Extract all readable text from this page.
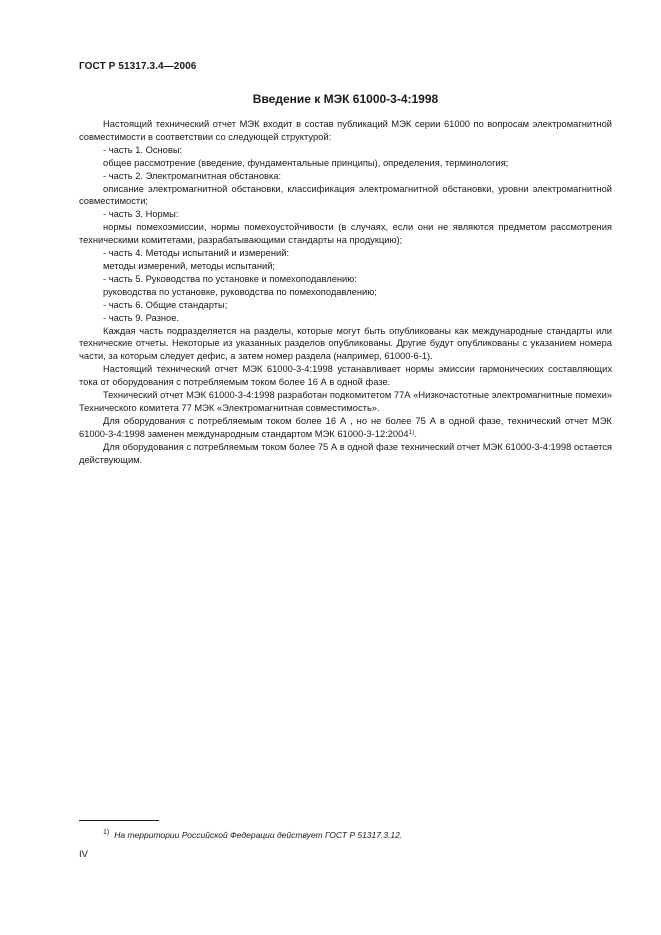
ГОСТ Р 51317.3.4—2006
Введение к МЭК 61000-3-4:1998

Настоящий технический отчет МЭК входит в состав публикаций МЭК серии 61000 по вопросам электромагнитной совместимости в соответствии со следующей структурой:

- часть 1. Основы:

общее рассмотрение (введение, фундаментальные принципы), определения, терминология;

- часть 2. Электромагнитная обстановка:

описание электромагнитной обстановки, классификация электромагнитной обстановки, уровни электромагнитной совместимости;

- часть 3. Нормы:

нормы помехоэмиссии, нормы помехоустойчивости (в случаях, если они не являются предметом рассмотрения техническими комитетами, разрабатывающими стандарты на продукцию);

- часть 4. Методы испытаний и измерений:

методы измерений, методы испытаний;

- часть 5. Руководства по установке и помехоподавлению:

руководства по установке, руководства по помехоподавлению;

- часть 6. Общие стандарты;

- часть 9. Разное.

Каждая часть подразделяется на разделы, которые могут быть опубликованы как международные стандарты или технические отчеты. Некоторые из указанных разделов опубликованы. Другие будут опубликованы с указанием номера части, за которым следует дефис, а затем номер раздела (например, 61000-6-1).

Настоящий технический отчет МЭК 61000-3-4:1998 устанавливает нормы эмиссии гармонических составляющих тока от оборудования с потребляемым током более 16 А в одной фазе.

Технический отчет МЭК 61000-3-4:1998 разработан подкомитетом 77А «Низкочастотные электромагнитные помехи» Технического комитета 77 МЭК «Электромагнитная совместимость».

Для оборудования с потребляемым током более 16 А , но не более 75 А в одной фазе, технический отчет МЭК 61000-3-4:1998 заменен международным стандартом МЭК 61000-3-12:2004$^{1)}$.

Для оборудования с потребляемым током более 75 А в одной фазе технический отчет МЭК 61000-3-4:1998 остается действующим.

$^{1)}$ На территории Российской Федерации действует ГОСТ Р 51317.3.12.
IV
